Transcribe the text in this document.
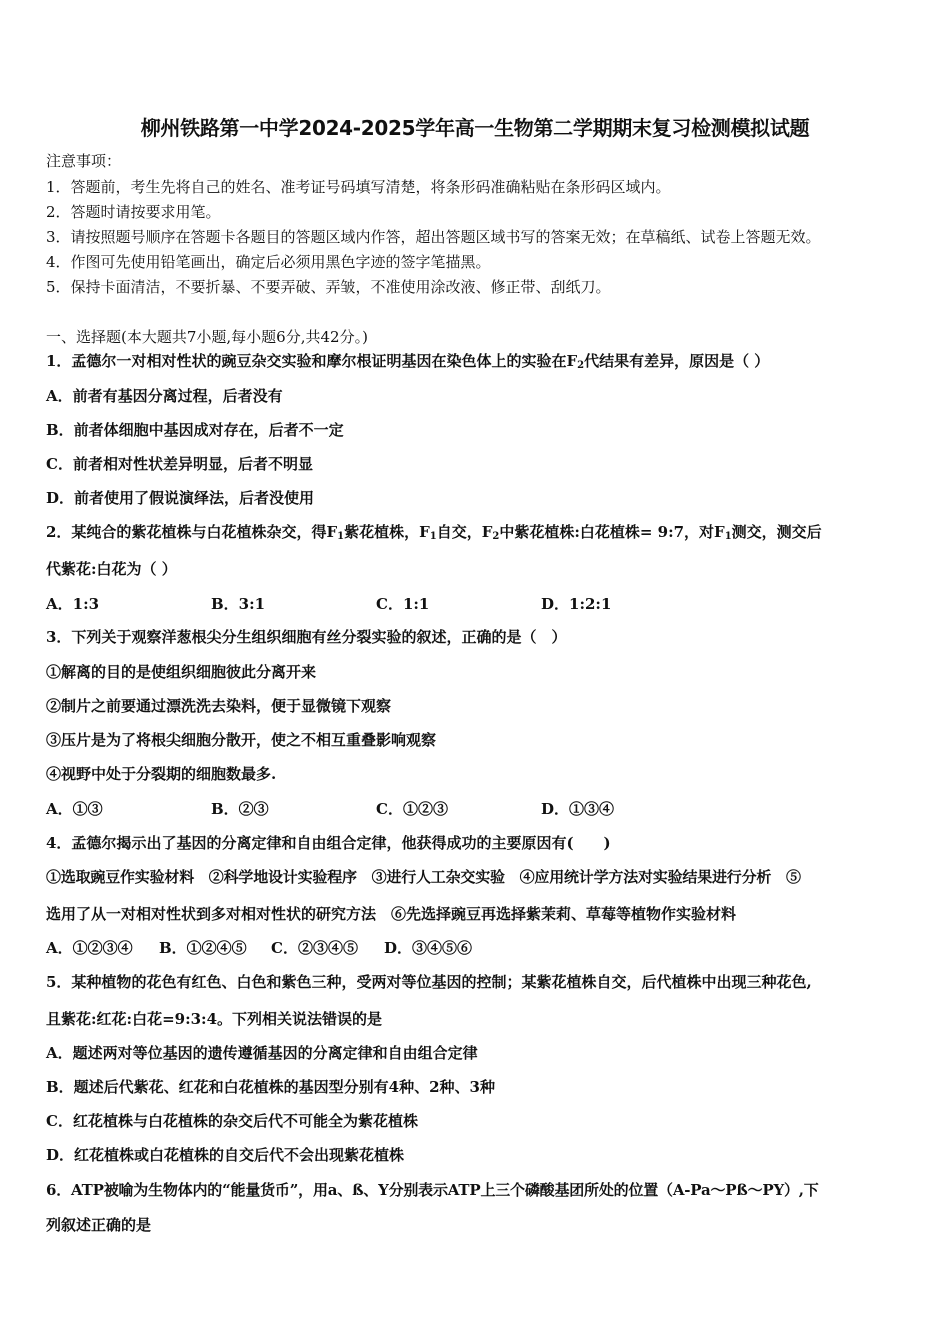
柳州铁路第一中学2024-2025学年高一生物第二学期期末复习检测模拟试题
注意事项：
1．答题前，考生先将自己的姓名、准考证号码填写清楚，将条形码准确粘贴在条形码区域内。
2．答题时请按要求用笔。
3．请按照题号顺序在答题卡各题目的答题区域内作答，超出答题区域书写的答案无效；在草稿纸、试卷上答题无效。
4．作图可先使用铅笔画出，确定后必须用黑色字迹的签字笔描黑。
5．保持卡面清洁，不要折暴、不要弄破、弄皱，不准使用涂改液、修正带、刮纸刀。
一、选择题(本大题共7小题,每小题6分,共42分。)
1．孟德尔一对相对性状的豌豆杂交实验和摩尔根证明基因在染色体上的实验在$F_2$代结果有差异，原因是（ ）
A．前者有基因分离过程，后者没有
B．前者体细胞中基因成对存在，后者不一定
C．前者相对性状差异明显，后者不明显
D．前者使用了假说演绎法，后者没使用
2．某纯合的紫花植株与白花植株杂交，得$F_1$紫花植株，$F_1$自交，$F_2$中紫花植株:白花植株= 9:7，对$F_1$测交，测交后
代紫花:白花为（ ）
A．1:3	B．3:1	C．1:1	D．1:2:1
3．下列关于观察洋葱根尖分生组织细胞有丝分裂实验的叙述，正确的是（　）
①解离的目的是使组织细胞彼此分离开来
②制片之前要通过漂洗洗去染料，便于显微镜下观察
③压片是为了将根尖细胞分散开，使之不相互重叠影响观察
④视野中处于分裂期的细胞数最多.
A．①③	B．②③	C．①②③	D．①③④
4．孟德尔揭示出了基因的分离定律和自由组合定律，他获得成功的主要原因有(　　)
①选取豌豆作实验材料　②科学地设计实验程序　③进行人工杂交实验　④应用统计学方法对实验结果进行分析　⑤
选用了从一对相对性状到多对相对性状的研究方法　⑥先选择豌豆再选择紫茉莉、草莓等植物作实验材料
A．①②③④ B．①②④⑤ C．②③④⑤ D．③④⑤⑥
5．某种植物的花色有红色、白色和紫色三种，受两对等位基因的控制；某紫花植株自交，后代植株中出现三种花色,
且紫花:红花:白花=9:3:4。下列相关说法错误的是
A．题述两对等位基因的遗传遵循基因的分离定律和自由组合定律
B．题述后代紫花、红花和白花植株的基因型分别有4种、2种、3种
C．红花植株与白花植株的杂交后代不可能全为紫花植株
D．红花植株或白花植株的自交后代不会出现紫花植株
6．ATP被喻为生物体内的“能量货币”，用a、ß、Y分别表示ATP上三个磷酸基团所处的位置（A-Pa～Pß～PY）,下
列叙述正确的是
